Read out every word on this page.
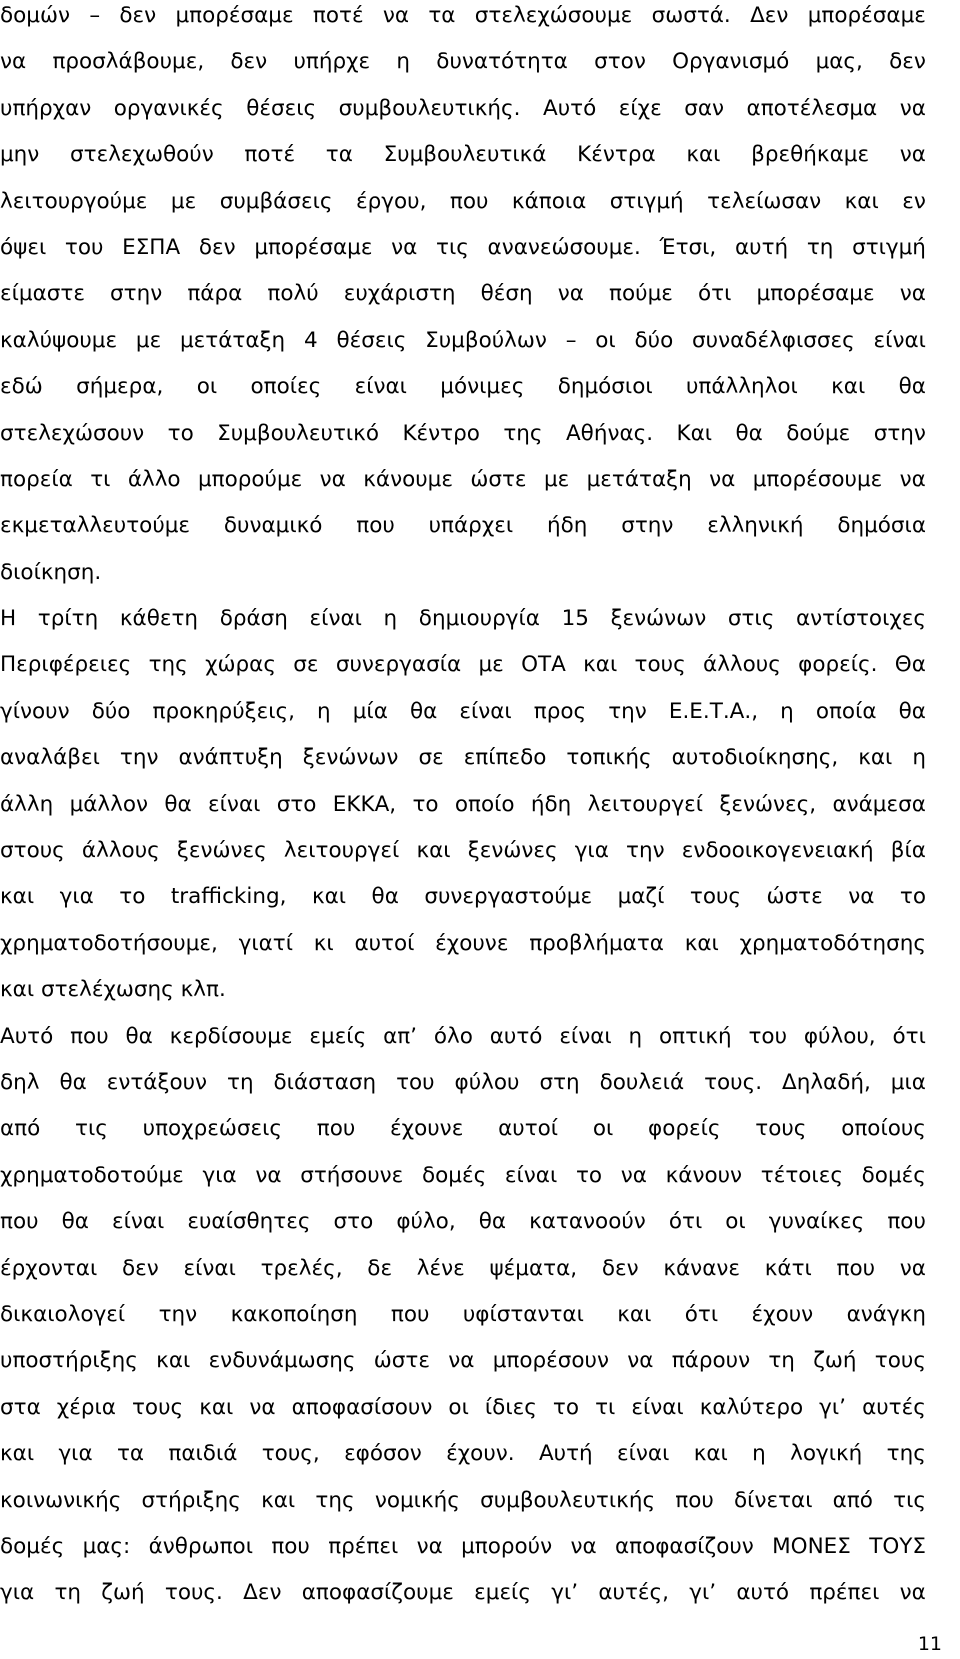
δομών – δεν μπορέσαμε ποτέ να τα στελεχώσουμε σωστά. Δεν μπορέσαμε
να προσλάβουμε, δεν υπήρχε η δυνατότητα στον Οργανισμό μας, δεν
υπήρχαν οργανικές θέσεις συμβουλευτικής. Αυτό είχε σαν αποτέλεσμα να
μην στελεχωθούν ποτέ τα Συμβουλευτικά Κέντρα και βρεθήκαμε να
λειτουργούμε με συμβάσεις έργου, που κάποια στιγμή τελείωσαν και εν
όψει του ΕΣΠΑ δεν μπορέσαμε να τις ανανεώσουμε. Έτσι, αυτή τη στιγμή
είμαστε στην πάρα πολύ ευχάριστη θέση να πούμε ότι μπορέσαμε να
καλύψουμε με μετάταξη 4 θέσεις Συμβούλων – οι δύο συναδέλφισσες είναι
εδώ σήμερα, οι οποίες είναι μόνιμες δημόσιοι υπάλληλοι και θα
στελεχώσουν το Συμβουλευτικό Κέντρο της Αθήνας. Και θα δούμε στην
πορεία τι άλλο μπορούμε να κάνουμε ώστε με μετάταξη να μπορέσουμε να
εκμεταλλευτούμε δυναμικό που υπάρχει ήδη στην ελληνική δημόσια
διοίκηση.
Η τρίτη κάθετη δράση είναι η δημιουργία 15 ξενώνων στις αντίστοιχες
Περιφέρειες της χώρας σε συνεργασία με ΟΤΑ και τους άλλους φορείς. Θα
γίνουν δύο προκηρύξεις, η μία θα είναι προς την Ε.Ε.Τ.Α., η οποία θα
αναλάβει την ανάπτυξη ξενώνων σε επίπεδο τοπικής αυτοδιοίκησης, και η
άλλη μάλλον θα είναι στο ΕΚΚΑ, το οποίο ήδη λειτουργεί ξενώνες, ανάμεσα
στους άλλους ξενώνες λειτουργεί και ξενώνες για την ενδοοικογενειακή βία
και για το trafficking, και θα συνεργαστούμε μαζί τους ώστε να το
χρηματοδοτήσουμε, γιατί κι αυτοί έχουνε προβλήματα και χρηματοδότησης
και στελέχωσης κλπ.
Αυτό που θα κερδίσουμε εμείς απ’ όλο αυτό είναι η οπτική του φύλου, ότι
δηλ θα εντάξουν τη διάσταση του φύλου στη δουλειά τους. Δηλαδή, μια
από τις υποχρεώσεις που έχουνε αυτοί οι φορείς τους οποίους
χρηματοδοτούμε για να στήσουνε δομές είναι το να κάνουν τέτοιες δομές
που θα είναι ευαίσθητες στο φύλο, θα κατανοούν ότι οι γυναίκες που
έρχονται δεν είναι τρελές, δε λένε ψέματα, δεν κάνανε κάτι που να
δικαιολογεί την κακοποίηση που υφίστανται και ότι έχουν ανάγκη
υποστήριξης και ενδυνάμωσης ώστε να μπορέσουν να πάρουν τη ζωή τους
στα χέρια τους και να αποφασίσουν οι ίδιες το τι είναι καλύτερο γι’ αυτές
και για τα παιδιά τους, εφόσον έχουν. Αυτή είναι και η λογική της
κοινωνικής στήριξης και της νομικής συμβουλευτικής που δίνεται από τις
δομές μας: άνθρωποι που πρέπει να μπορούν να αποφασίζουν ΜΟΝΕΣ ΤΟΥΣ
για τη ζωή τους. Δεν αποφασίζουμε εμείς γι’ αυτές, γι’ αυτό πρέπει να
11
